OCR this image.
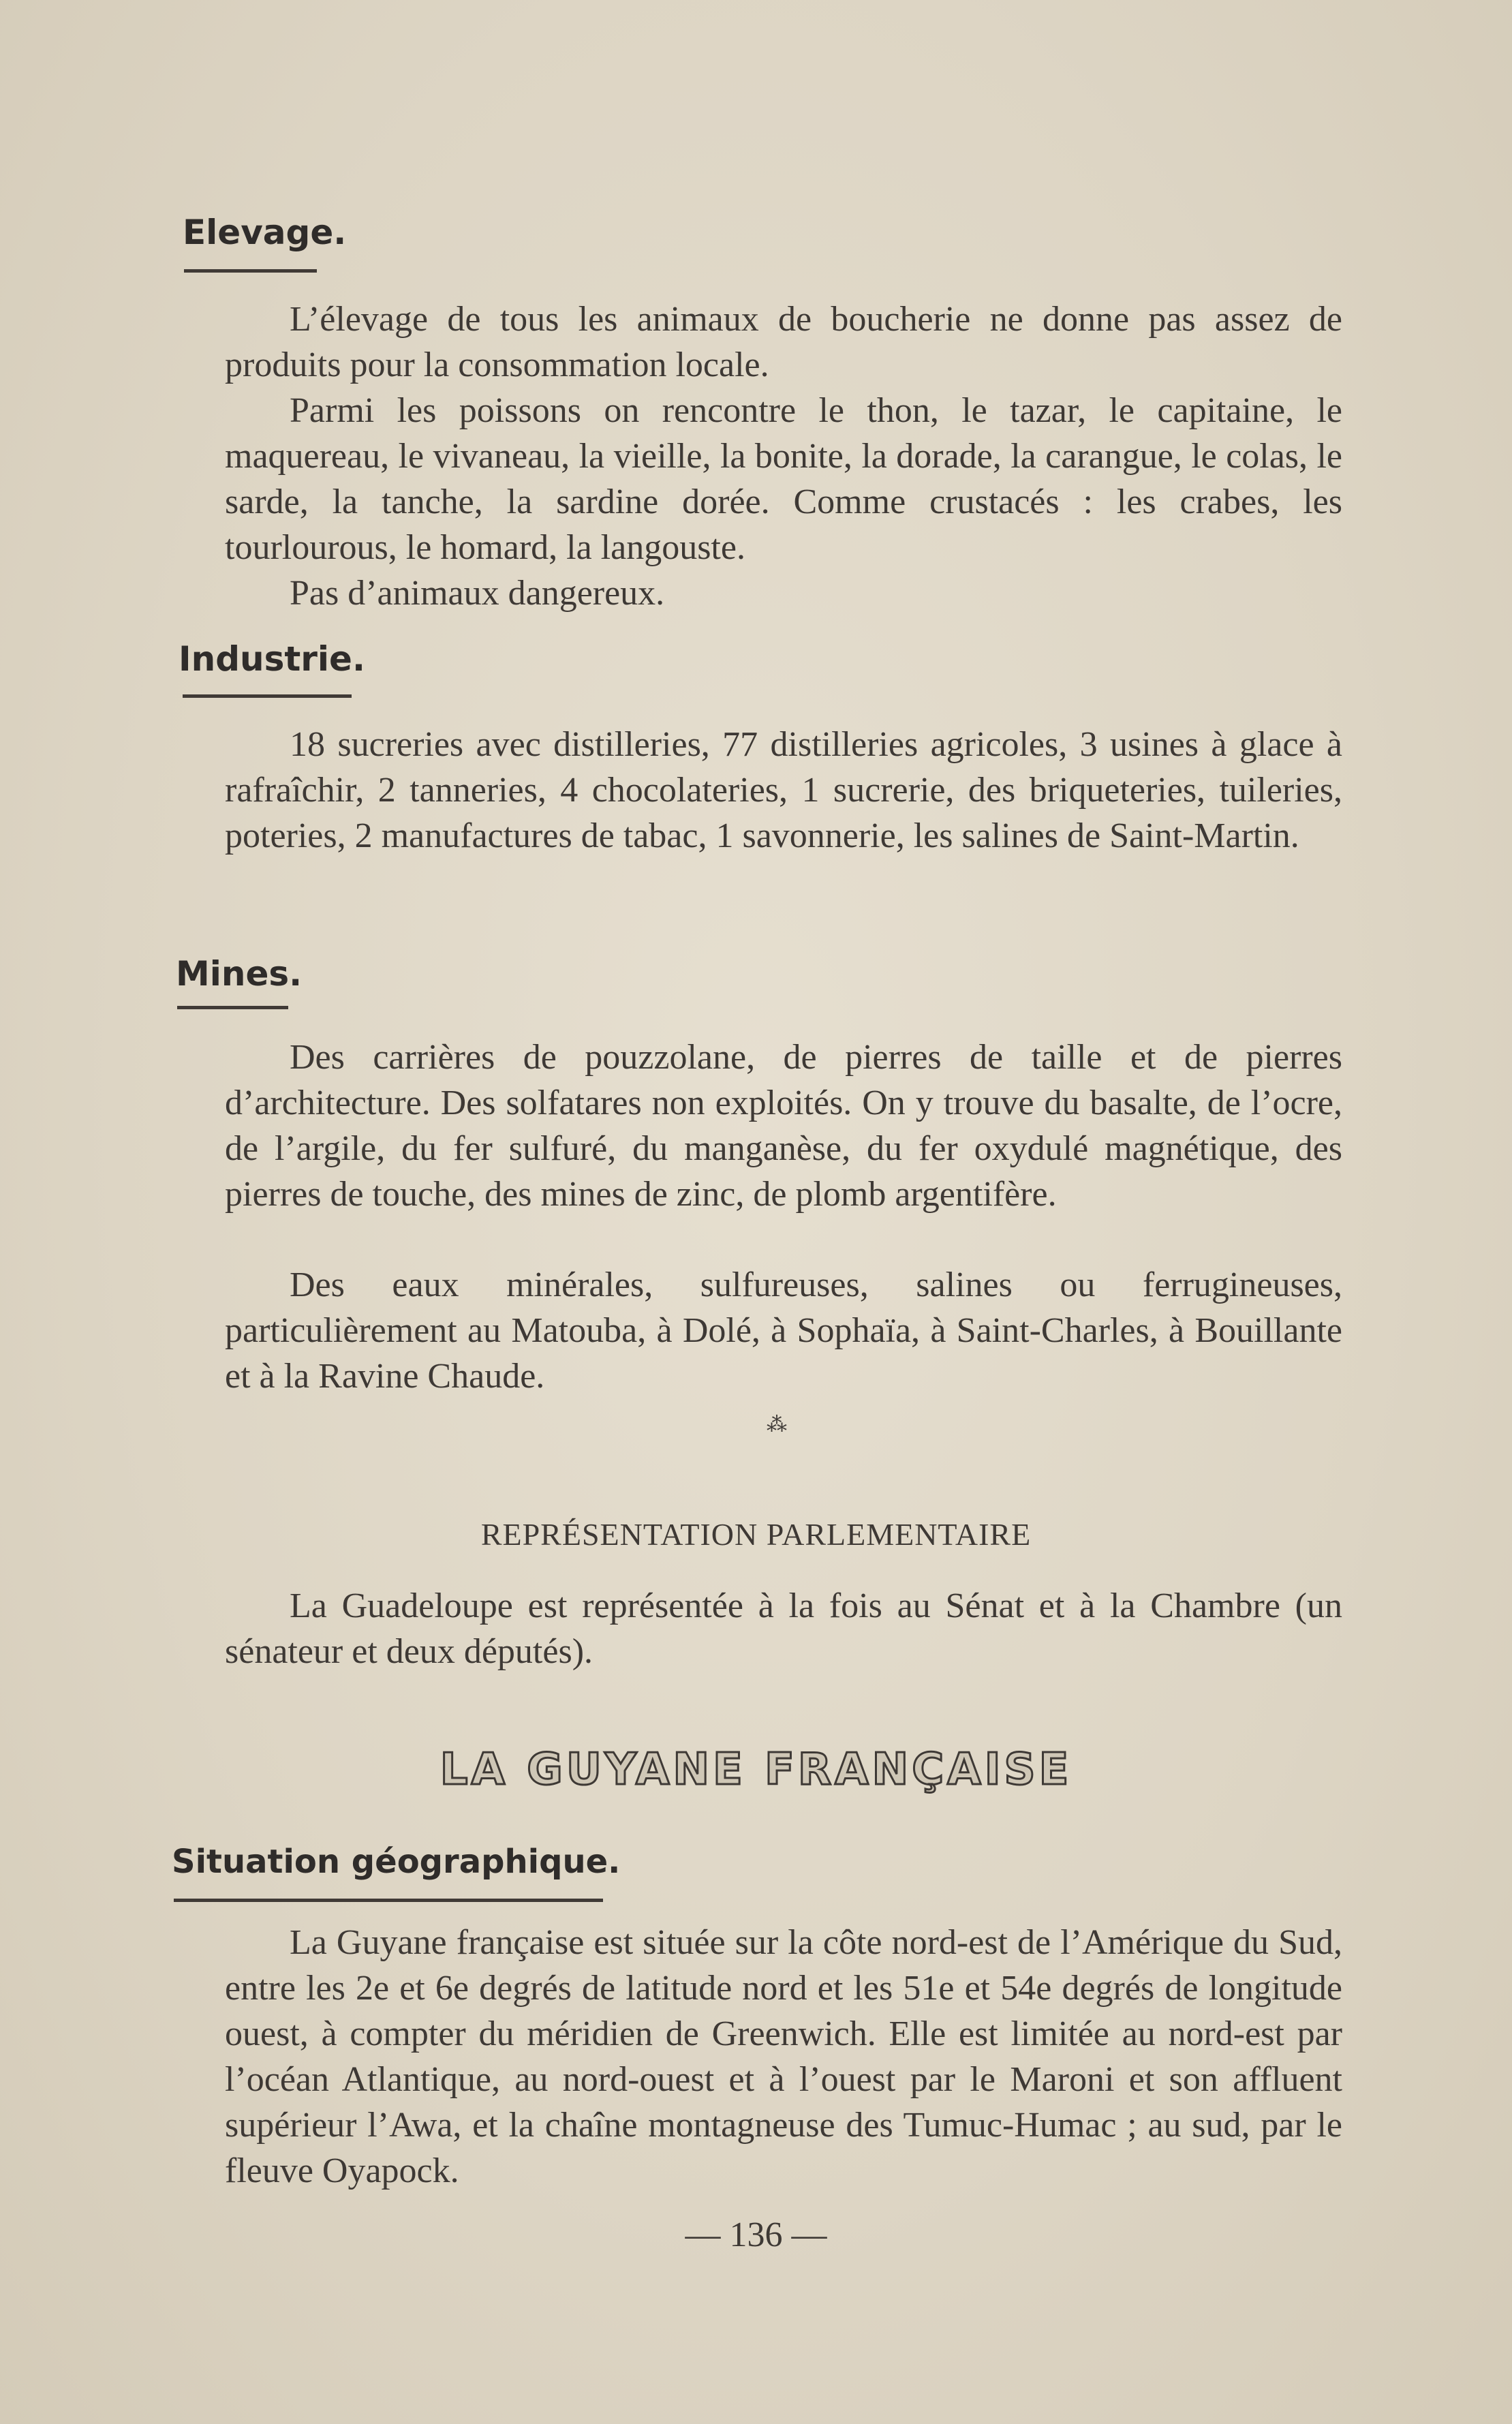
Elevage.

L’élevage de tous les animaux de boucherie ne donne pas assez de produits pour la consommation locale.

Parmi les poissons on rencontre le thon, le tazar, le capitaine, le maquereau, le vivaneau, la vieille, la bonite, la dorade, la carangue, le colas, le sarde, la tanche, la sardine dorée. Comme crustacés : les crabes, les tourlourous, le homard, la langouste.

Pas d’animaux dangereux.

Industrie.

18 sucreries avec distilleries, 77 distilleries agricoles, 3 usines à glace à rafraîchir, 2 tanneries, 4 chocolateries, 1 sucrerie, des briqueteries, tuileries, poteries, 2 manufactures de tabac, 1 savonnerie, les salines de Saint-Martin.

Mines.

Des carrières de pouzzolane, de pierres de taille et de pierres d’architecture. Des solfatares non exploités. On y trouve du basalte, de l’ocre, de l’argile, du fer sulfuré, du manganèse, du fer oxydulé magnétique, des pierres de touche, des mines de zinc, de plomb argentifère.

Des eaux minérales, sulfureuses, salines ou ferrugineuses, particulièrement au Matouba, à Dolé, à Sophaïa, à Saint-Charles, à Bouillante et à la Ravine Chaude.

⁂
REPRÉSENTATION PARLEMENTAIRE

La Guadeloupe est représentée à la fois au Sénat et à la Chambre (un sénateur et deux députés).

LA GUYANE FRANÇAISE
Situation géographique.

La Guyane française est située sur la côte nord-est de l’Amérique du Sud, entre les 2e et 6e degrés de latitude nord et les 51e et 54e degrés de longitude ouest, à compter du méridien de Greenwich. Elle est limitée au nord-est par l’océan Atlantique, au nord-ouest et à l’ouest par le Maroni et son affluent supérieur l’Awa, et la chaîne montagneuse des Tumuc-Humac ; au sud, par le fleuve Oyapock.

— 136 —
